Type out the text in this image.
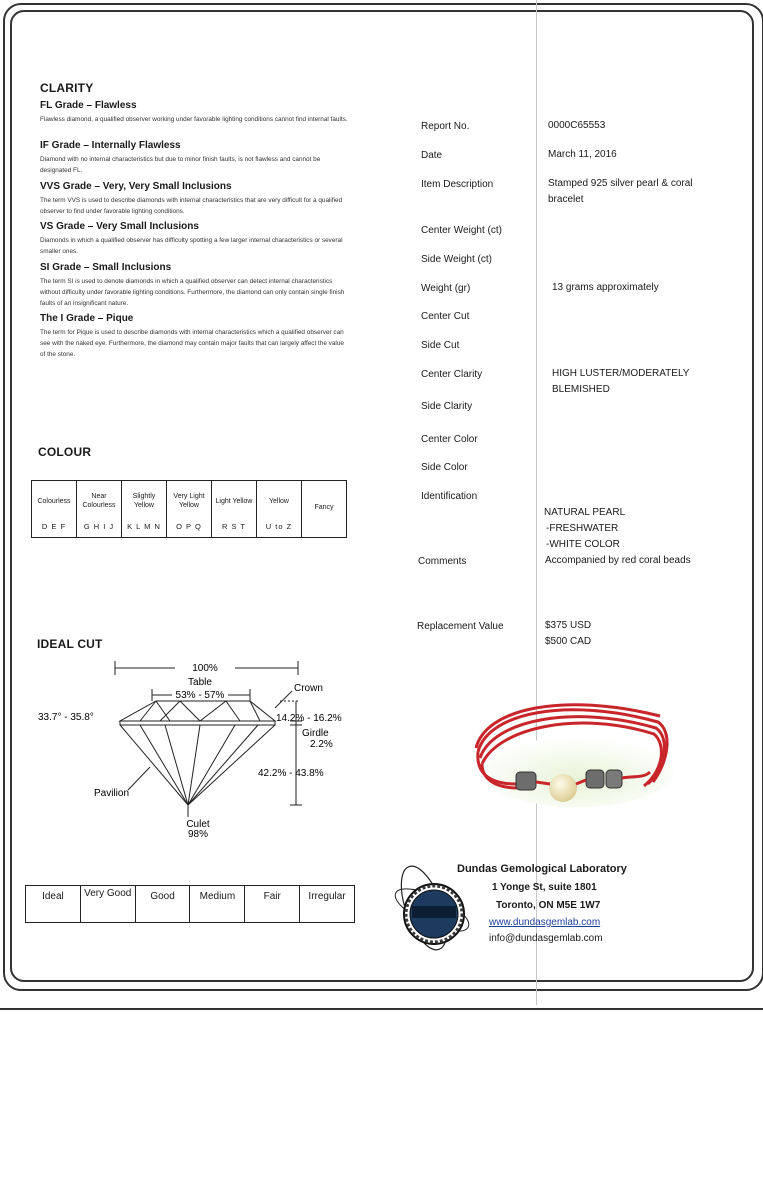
CLARITY
FL Grade – Flawless
Flawless diamond, a qualified observer working under favorable lighting conditions cannot find internal faults.
IF Grade – Internally Flawless
Diamond with no internal characteristics but due to minor finish faults, is not flawless and cannot be designated FL.
VVS Grade – Very, Very Small Inclusions
The term VVS is used to describe diamonds with internal characteristics that are very difficult for a qualified observer to find under favorable lighting conditions.
VS Grade – Very Small Inclusions
Diamonds in which a qualified observer has difficulty spotting a few larger internal characteristics or several smaller ones.
SI Grade – Small Inclusions
The term SI is used to denote diamonds in which a qualified observer can detect internal characteristics without difficulty under favorable lighting conditions. Furthermore, the diamond can only contain single finish faults of an insignificant nature.
The I Grade – Pique
The term for Pique is used to describe diamonds with internal characteristics which a qualified observer can see with the naked eye. Furthermore, the diamond may contain major faults that can largely affect the value of the stone.
COLOUR
Colourless
D E F
Near Colourless
G H I J
Slightly Yellow
K L M N
Very Light Yellow
O P Q
Light Yellow
R S T
Yellow
U to Z
Fancy
IDEAL CUT
100%
Table
53% - 57%
Crown
33.7° - 35.8°	14.2% - 16.2%
Girdle
2.2%
42.2% - 43.8%
Pavilion
Culet
98%
Ideal	Very Good	Good	Medium	Fair	Irregular
Report No.	0000C65553
Date	March 11, 2016
Item Description	Stamped 925 silver pearl & coral bracelet
Center Weight (ct)
Side Weight (ct)
Weight (gr)	13 grams approximately
Center Cut
Side Cut
Center Clarity	HIGH LUSTER/MODERATELY BLEMISHED
Side Clarity
Center Color
Side Color
Identification
NATURAL PEARL
-FRESHWATER
-WHITE COLOR
Comments	Accompanied by red coral beads
Replacement Value	$375 USD
$500 CAD
Dundas Gemological Laboratory
1 Yonge St, suite 1801
Toronto, ON M5E 1W7
www.dundasgemlab.com
info@dundasgemlab.com
